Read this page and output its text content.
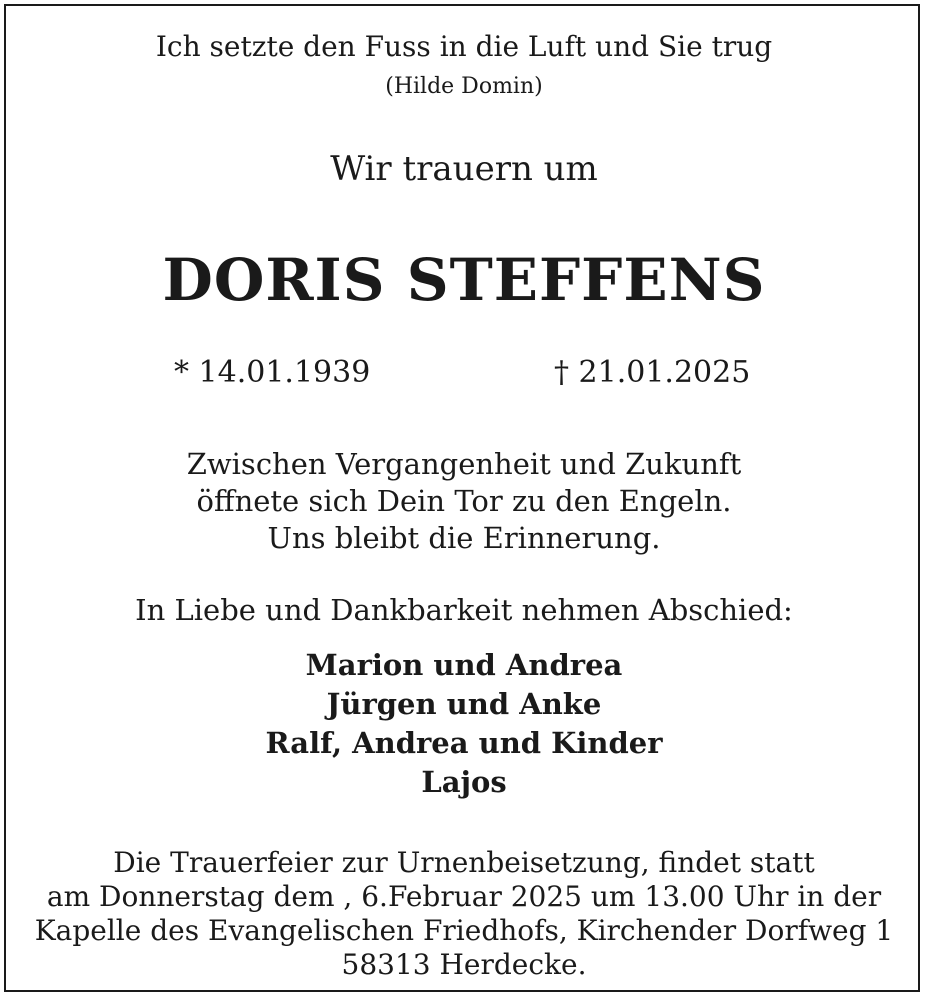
Ich setzte den Fuss in die Luft und Sie trug
(Hilde Domin)
Wir trauern um
DORIS STEFFENS
* 14.01.1939	† 21.01.2025
Zwischen Vergangenheit und Zukunft
öffnete sich Dein Tor zu den Engeln.
Uns bleibt die Erinnerung.
In Liebe und Dankbarkeit nehmen Abschied:
Marion und Andrea
Jürgen und Anke
Ralf, Andrea und Kinder
Lajos
Die Trauerfeier zur Urnenbeisetzung, findet statt
am Donnerstag dem , 6.Februar 2025 um 13.00 Uhr in der
Kapelle des Evangelischen Friedhofs, Kirchender Dorfweg 1
58313 Herdecke.
